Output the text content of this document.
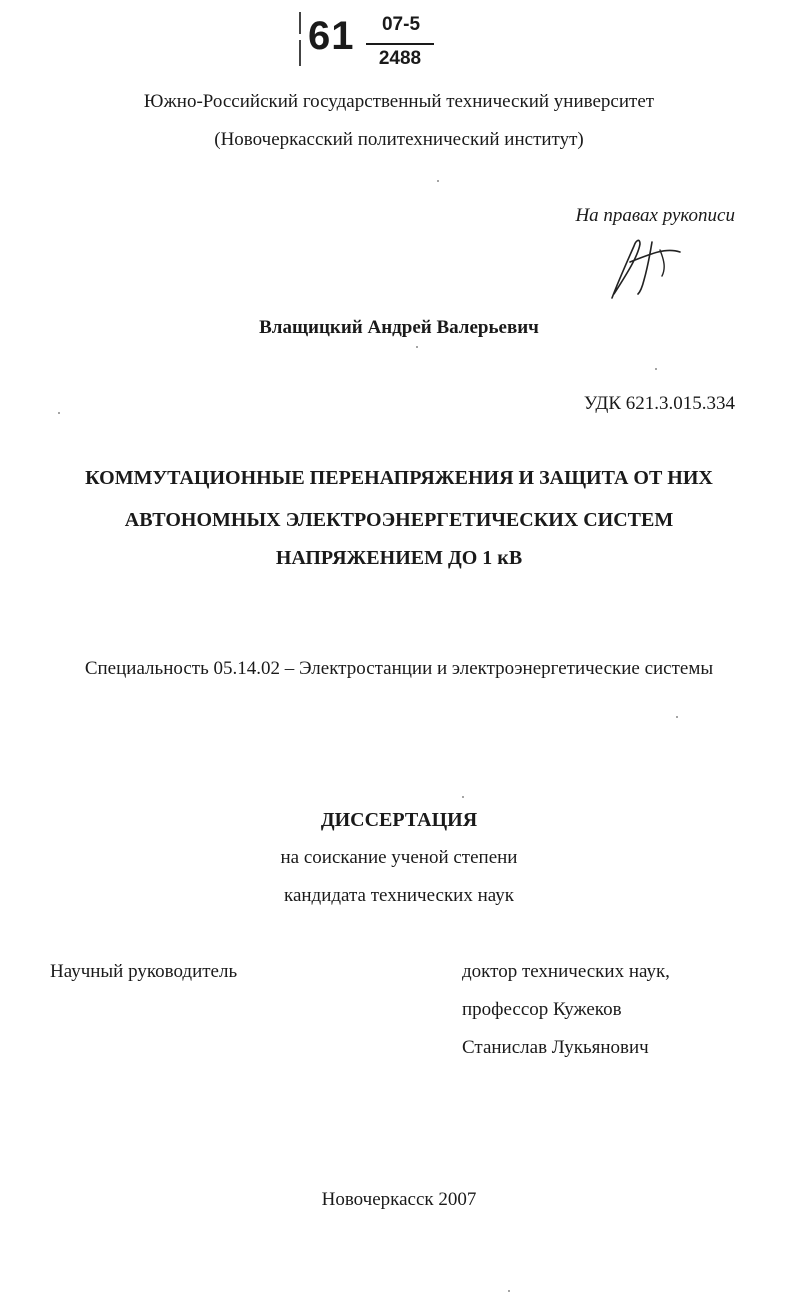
61	07-5
2488
Южно-Российский государственный технический университет
(Новочеркасский политехнический институт)
На правах рукописи
Влащицкий Андрей Валерьевич
УДК 621.3.015.334
КОММУТАЦИОННЫЕ ПЕРЕНАПРЯЖЕНИЯ И ЗАЩИТА ОТ НИХ
АВТОНОМНЫХ ЭЛЕКТРОЭНЕРГЕТИЧЕСКИХ СИСТЕМ
НАПРЯЖЕНИЕМ ДО 1 кВ
Специальность 05.14.02 – Электростанции и электроэнергетические системы
ДИССЕРТАЦИЯ
на соискание ученой степени
кандидата технических наук
Научный руководитель	доктор технических наук,
профессор Кужеков
Станислав Лукьянович
Новочеркасск 2007
